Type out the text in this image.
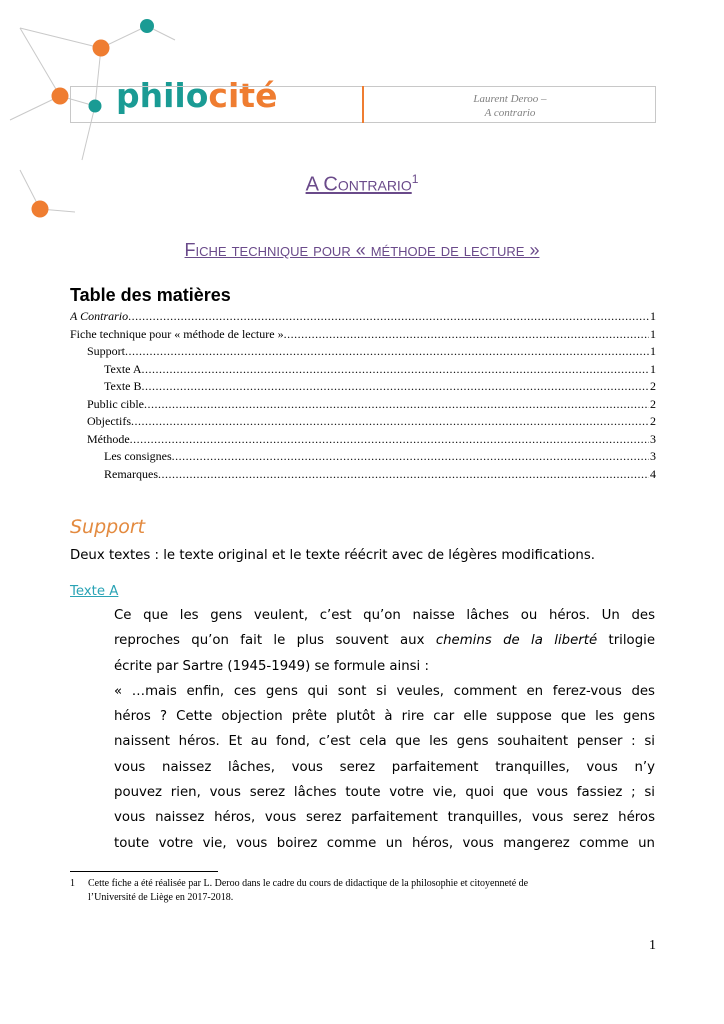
philocité	Laurent Deroo –
A contrario
A Contrario$^1$
Fiche technique pour « méthode de lecture »
Table des matières
A Contrario .....	1
Fiche technique pour « méthode de lecture » .....	1
Support .....	1
Texte A .....	1
Texte B .....	2
Public cible .....	2
Objectifs .....	2
Méthode .....	3
Les consignes .....	3
Remarques .....	4
Support
Deux textes : le texte original et le texte réécrit avec de légères modifications.
Texte A
Ce que les gens veulent, c’est qu’on naisse lâches ou héros. Un des
reproches qu’on fait le plus souvent aux chemins de la liberté trilogie
écrite par Sartre (1945-1949) se formule ainsi :
« …mais enfin, ces gens qui sont si veules, comment en ferez-vous des
héros ? Cette objection prête plutôt à rire car elle suppose que les gens
naissent héros. Et au fond, c’est cela que les gens souhaitent penser : si
vous naissez lâches, vous serez parfaitement tranquilles, vous n’y
pouvez rien, vous serez lâches toute votre vie, quoi que vous fassiez ; si
vous naissez héros, vous serez parfaitement tranquilles, vous serez héros
toute votre vie, vous boirez comme un héros, vous mangerez comme un
1 Cette fiche a été réalisée par L. Deroo dans le cadre du cours de didactique de la philosophie et citoyenneté de
l’Université de Liège en 2017-2018.
1
